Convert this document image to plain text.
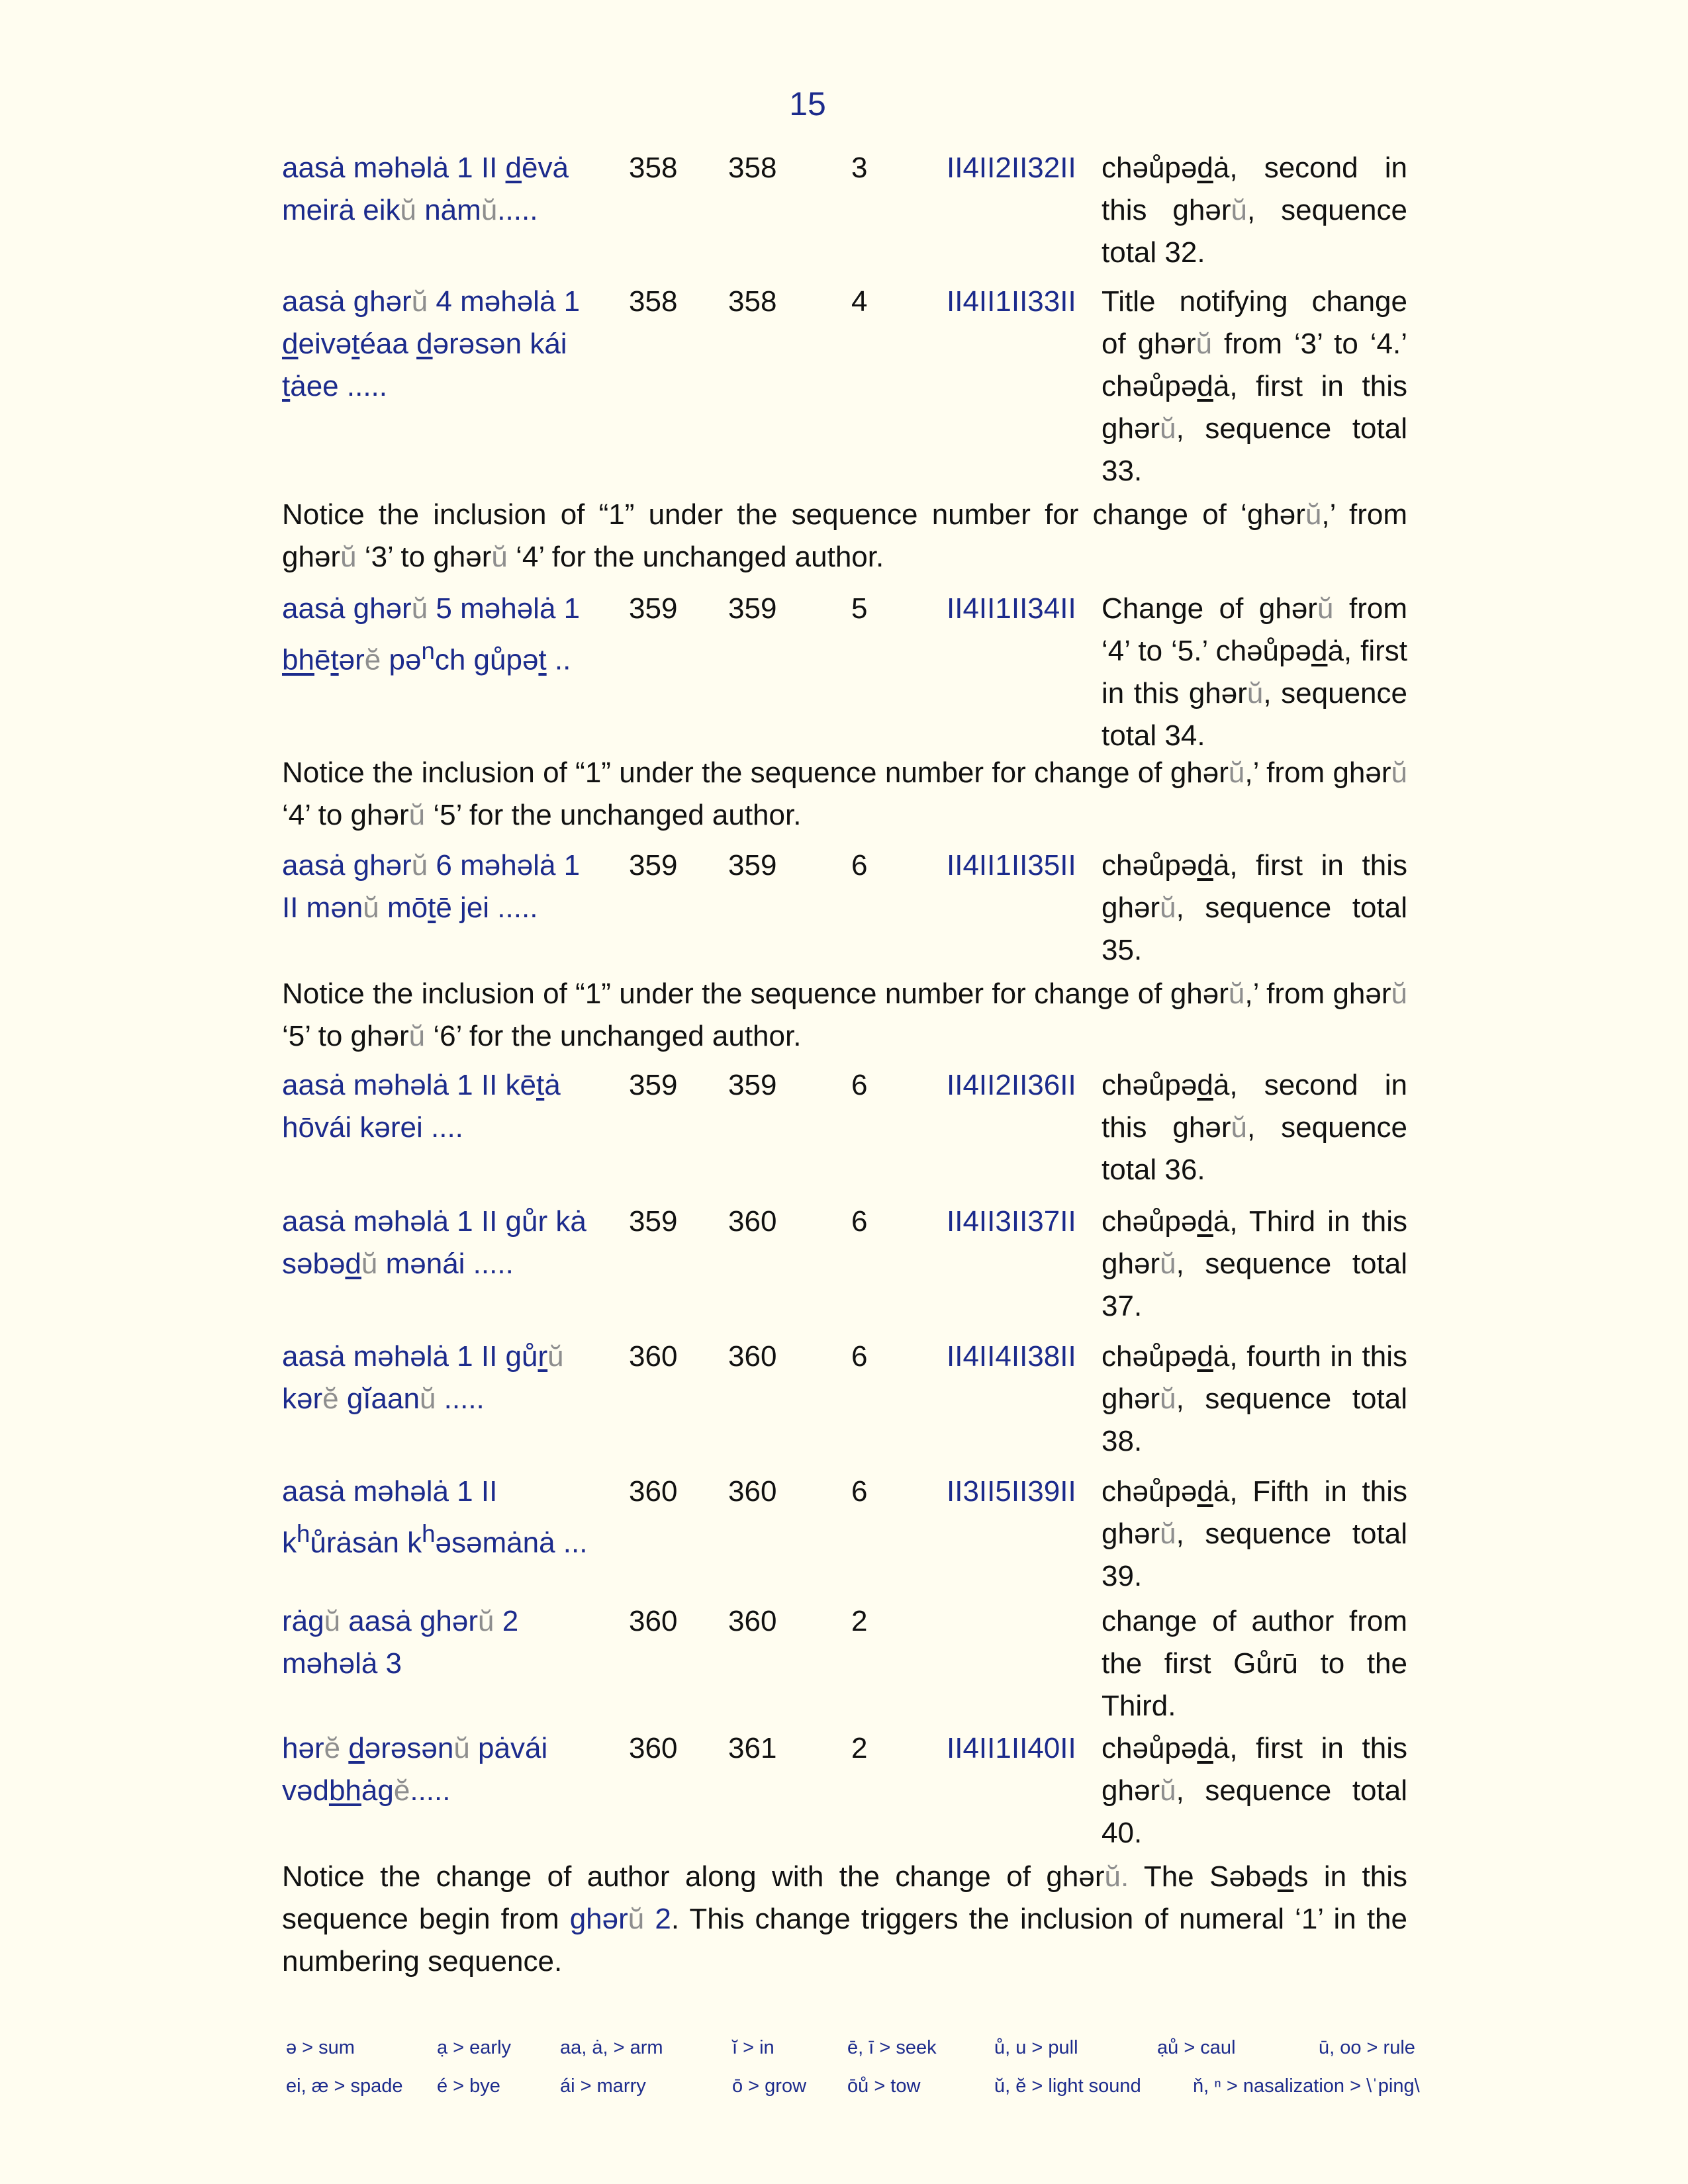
15
aasȧ məhəlȧ 1 II dēvȧ meirȧ eikŭ nȧmŭ.....
358	358	3	II4II2II32II chəůpədȧ, second in this ghərŭ, sequence total 32.
aasȧ ghərŭ 4 məhəlȧ 1
deivətéaa dərəsən kái tȧee .....
358	358	4	II4II1II33II Title notifying change of ghərŭ from ‘3’ to ‘4.’ chəůpədȧ, first in this ghərŭ, sequence total 33.
aasȧ ghərŭ 5 məhəlȧ 1
bhētərĕ pə$^n$ch gůpət ..
359	359	5	II4II1II34II Change of ghərŭ from ‘4’ to ‘5.’ chəůpədȧ, first in this ghərŭ, sequence total 34.
aasȧ ghərŭ 6 məhəlȧ 1 II mənŭ mōtē jei .....
359	359	6	II4II1II35II chəůpədȧ, first in this ghərŭ, sequence total 35.
aasȧ məhəlȧ 1 II kētȧ hōvái kərei ....
359	359	6	II4II2II36II chəůpədȧ, second in this ghərŭ, sequence total 36.
aasȧ məhəlȧ 1 II gůr kȧ səbədŭ mənái .....
359	360	6	II4II3II37II chəůpədȧ, Third in this ghərŭ, sequence total 37.
aasȧ məhəlȧ 1 II gůrŭ kərĕ gĭaanŭ .....
360	360	6	II4II4II38II chəůpədȧ, fourth in this ghərŭ, sequence total 38.
aasȧ məhəlȧ 1 II $k^hůrȧsȧn$ $k^həsəmȧnȧ$ ...
360	360	6	II3II5II39II chəůpədȧ, Fifth in this ghərŭ, sequence total 39.
rȧgŭ aasȧ ghərŭ 2 məhəlȧ 3
360	360	2	change of author from the first Gůrū to the Third.
hərĕ dərəsənŭ pȧvái vədbhȧgĕ.....
360	361	2	II4II1II40II chəůpədȧ, first in this ghərŭ, sequence total 40.

Notice the inclusion of “1” under the sequence number for change of ‘ghərŭ,’ from ghərŭ ‘3’ to ghərŭ ‘4’ for the unchanged author.

Notice the inclusion of “1” under the sequence number for change of ghərŭ,’ from ghərŭ ‘4’ to ghərŭ ‘5’ for the unchanged author.

Notice the inclusion of “1” under the sequence number for change of ghərŭ,’ from ghərŭ ‘5’ to ghərŭ ‘6’ for the unchanged author.

Notice the change of author along with the change of ghərŭ. The Səbəds in this sequence begin from ghərŭ 2. This change triggers the inclusion of numeral ‘1’ in the numbering sequence.

ə > sum	ạ > early	aa, ȧ, > arm	ĭ > in	ē, ī > seek	ů, u > pull	ạů > caul	ū, oo > rule
ei, æ > spade é > bye	ái > marry	ō > grow ōů > tow	ŭ, ĕ > light sound	ň, ⁿ > nasalization > \ˈping\
